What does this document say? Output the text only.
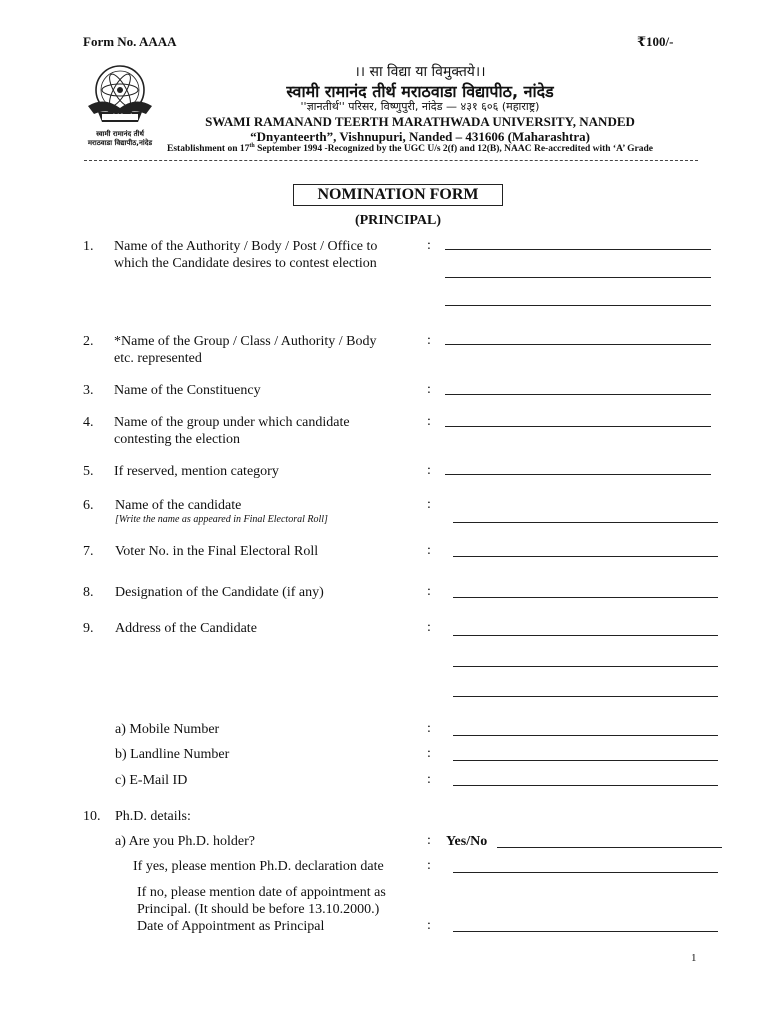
Form No. AAAA	₹100/-
ज्ञानतीर्थ विद्यापीठ
स्वामी रामानंद तीर्थ
मराठवाडा विद्यापीठ,नांदेड
।। सा विद्या या विमुक्तये।।
स्वामी रामानंद तीर्थ मराठवाडा विद्यापीठ, नांदेड
''ज्ञानतीर्थ'' परिसर, विष्णुपुरी, नांदेड — ४३१ ६०६ (महाराष्ट्र)
SWAMI RAMANAND TEERTH MARATHWADA UNIVERSITY, NANDED
“Dnyanteerth”, Vishnupuri, Nanded – 431606 (Maharashtra)
Establishment on 17th September 1994 -Recognized by the UGC U/s 2(f) and 12(B), NAAC Re-accredited with ‘A’ Grade
NOMINATION FORM
(PRINCIPAL)
1. Name of the Authority / Body / Post / Office to
which the Candidate desires to contest election
:
2. *Name of the Group / Class / Authority / Body
etc. represented
:
3. Name of the Constituency	:
4. Name of the group under which candidate
contesting the election
:
5. If reserved, mention category	:
6. Name of the candidate
[Write the name as appeared in Final Electoral Roll]
:
7. Voter No. in the Final Electoral Roll	:
8. Designation of the Candidate (if any)	:
9. Address of the Candidate	:
a) Mobile Number	:
b) Landline Number	:
c) E-Mail ID	:
10. Ph.D. details:
a) Are you Ph.D. holder?	: Yes/No
If yes, please mention Ph.D. declaration date	:
If no, please mention date of appointment as
Principal. (It should be before 13.10.2000.)
Date of Appointment as Principal	:
1
